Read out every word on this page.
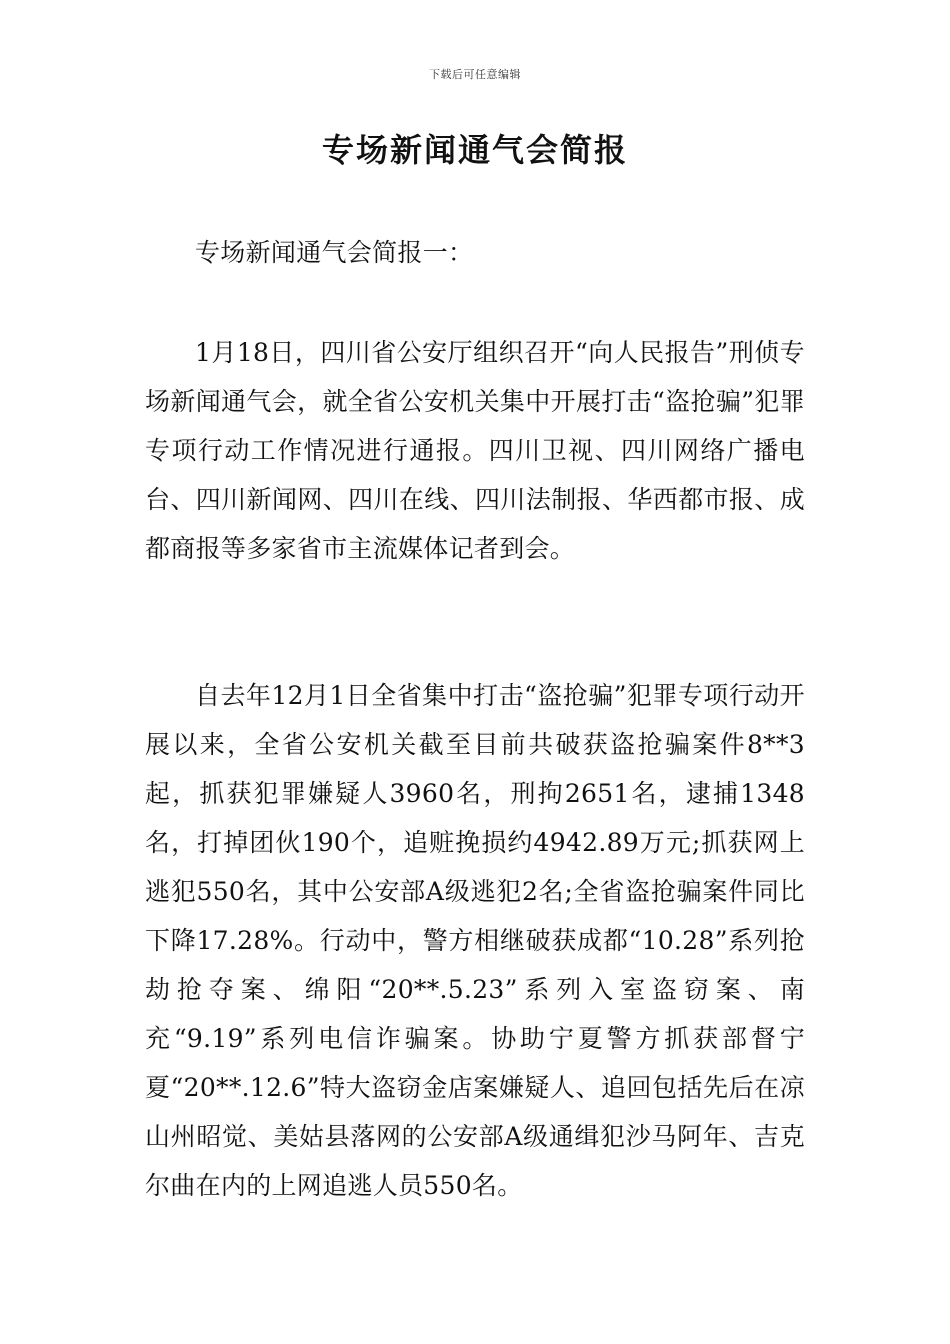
下载后可任意编辑
专场新闻通气会简报

专场新闻通气会简报一：

1月18日，四川省公安厅组织召开“向人民报告”刑侦专场新闻通气会，就全省公安机关集中开展打击“盗抢骗”犯罪专项行动工作情况进行通报。四川卫视、四川网络广播电台、四川新闻网、四川在线、四川法制报、华西都市报、成都商报等多家省市主流媒体记者到会。

自去年12月1日全省集中打击“盗抢骗”犯罪专项行动开展以来，全省公安机关截至目前共破获盗抢骗案件8**3起，抓获犯罪嫌疑人3960名，刑拘2651名，逮捕1348名，打掉团伙190个，追赃挽损约4942.89万元;抓获网上逃犯550名，其中公安部A级逃犯2名;全省盗抢骗案件同比下降17.28%。行动中，警方相继破获成都“10.28”系列抢劫抢夺案、绵阳“20**.5.23”系列入室盗窃案、南充“9.19”系列电信诈骗案。协助宁夏警方抓获部督宁夏“20**.12.6”特大盗窃金店案嫌疑人、追回包括先后在凉山州昭觉、美姑县落网的公安部A级通缉犯沙马阿年、吉克尔曲在内的上网追逃人员550名。
